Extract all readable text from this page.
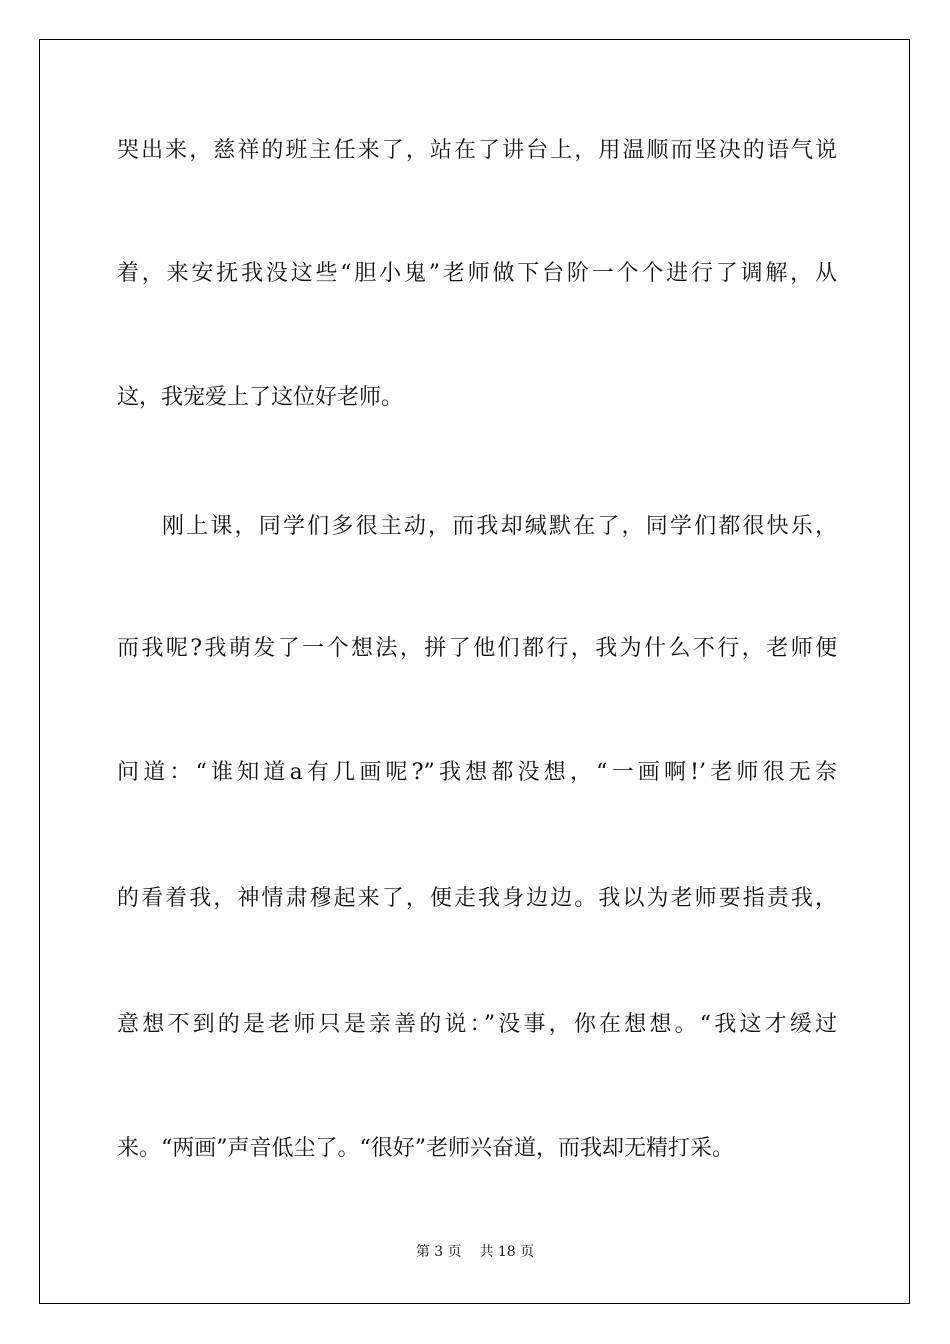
哭出来，慈祥的班主任来了，站在了讲台上，用温顺而坚决的语气说
着，来安抚我没这些“胆小鬼”老师做下台阶一个个进行了调解，从
这，我宠爱上了这位好老师。
刚上课，同学们多很主动，而我却缄默在了，同学们都很快乐，
而我呢?我萌发了一个想法，拼了他们都行，我为什么不行，老师便
问道：“谁知道a有几画呢?”我想都没想，“一画啊!’老师很无奈
的看着我，神情肃穆起来了，便走我身边边。我以为老师要指责我，
意想不到的是老师只是亲善的说：”没事，你在想想。“我这才缓过
来。“两画”声音低尘了。“很好”老师兴奋道，而我却无精打采。
第 3 页 共 18 页
